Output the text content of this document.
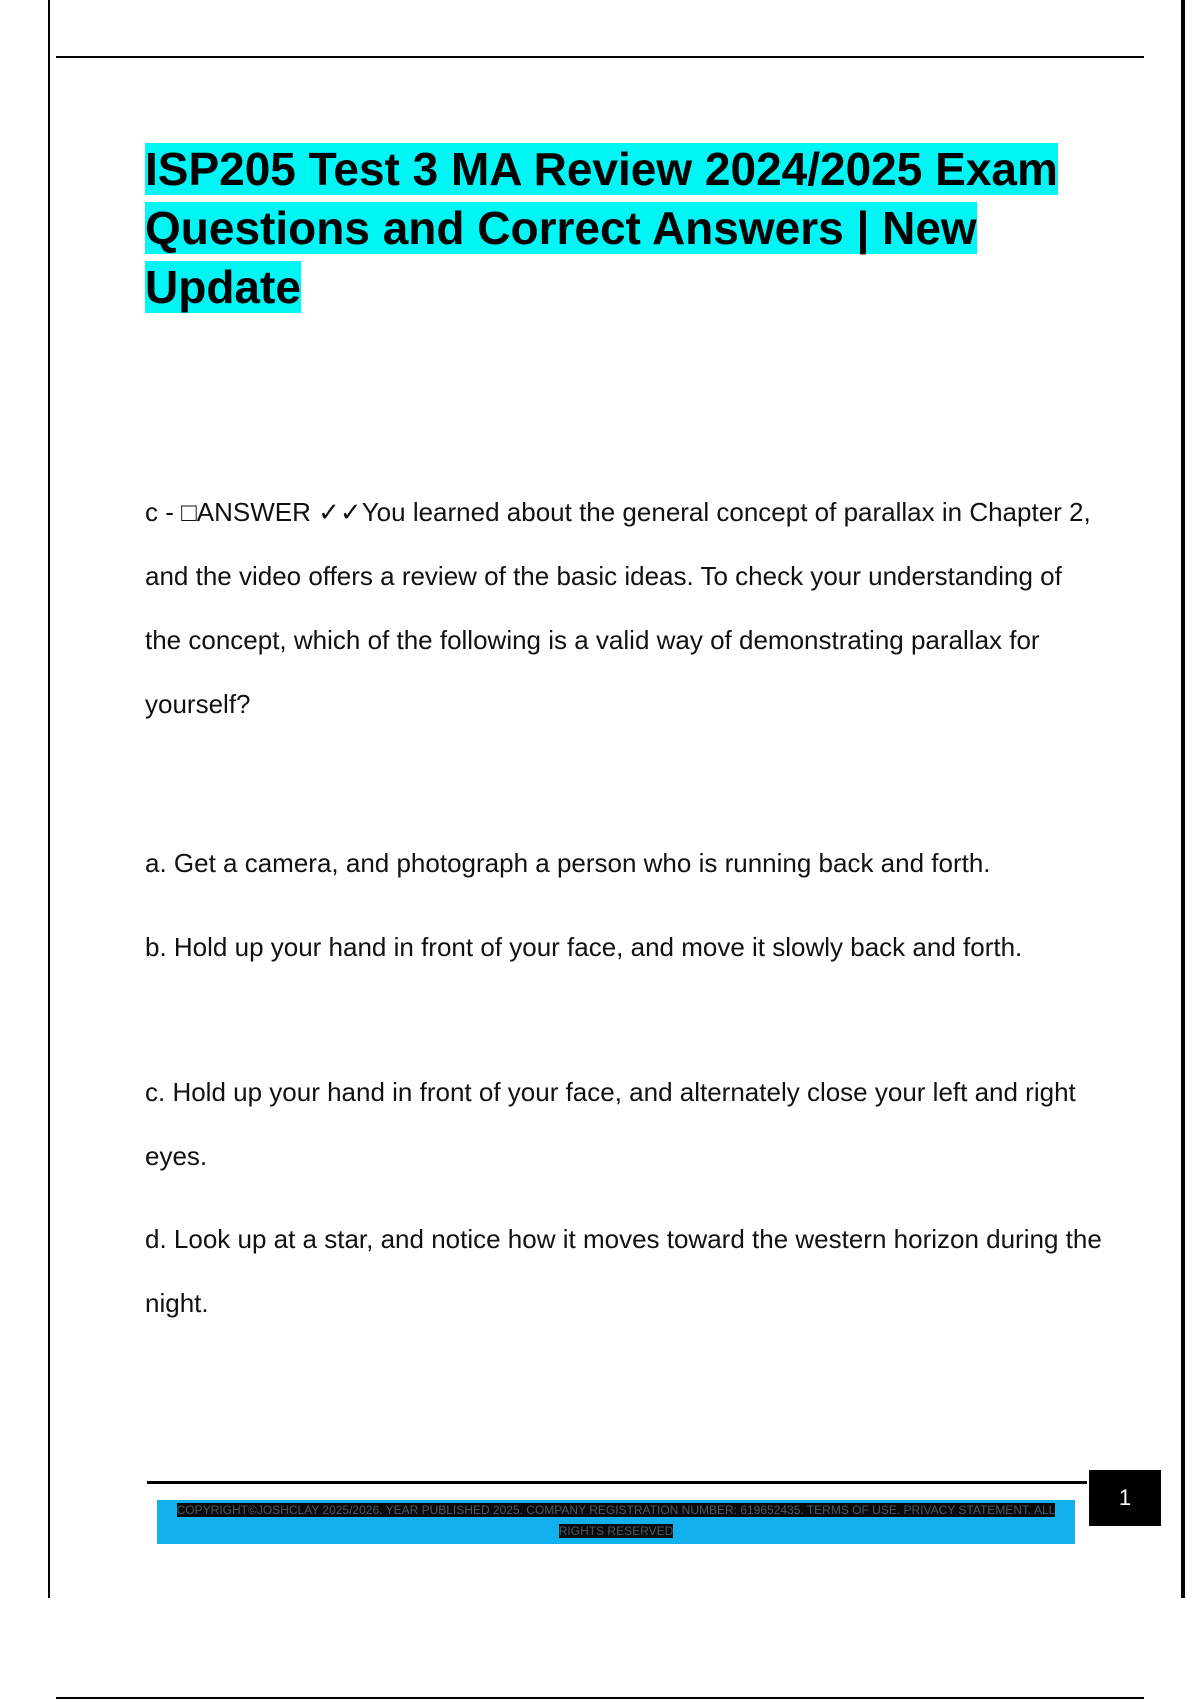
ISP205 Test 3 MA Review 2024/2025 Exam Questions and Correct Answers | New Update

c - □ANSWER ✓✓You learned about the general concept of parallax in Chapter 2, and the video offers a review of the basic ideas. To check your understanding of the concept, which of the following is a valid way of demonstrating parallax for yourself?

a. Get a camera, and photograph a person who is running back and forth.

b. Hold up your hand in front of your face, and move it slowly back and forth.

c. Hold up your hand in front of your face, and alternately close your left and right eyes.

d. Look up at a star, and notice how it moves toward the western horizon during the night.

1
COPYRIGHT©JOSHCLAY 2025/2026. YEAR PUBLISHED 2025. COMPANY REGISTRATION NUMBER: 619652435. TERMS OF USE. PRIVACY STATEMENT. ALL RIGHTS RESERVED
